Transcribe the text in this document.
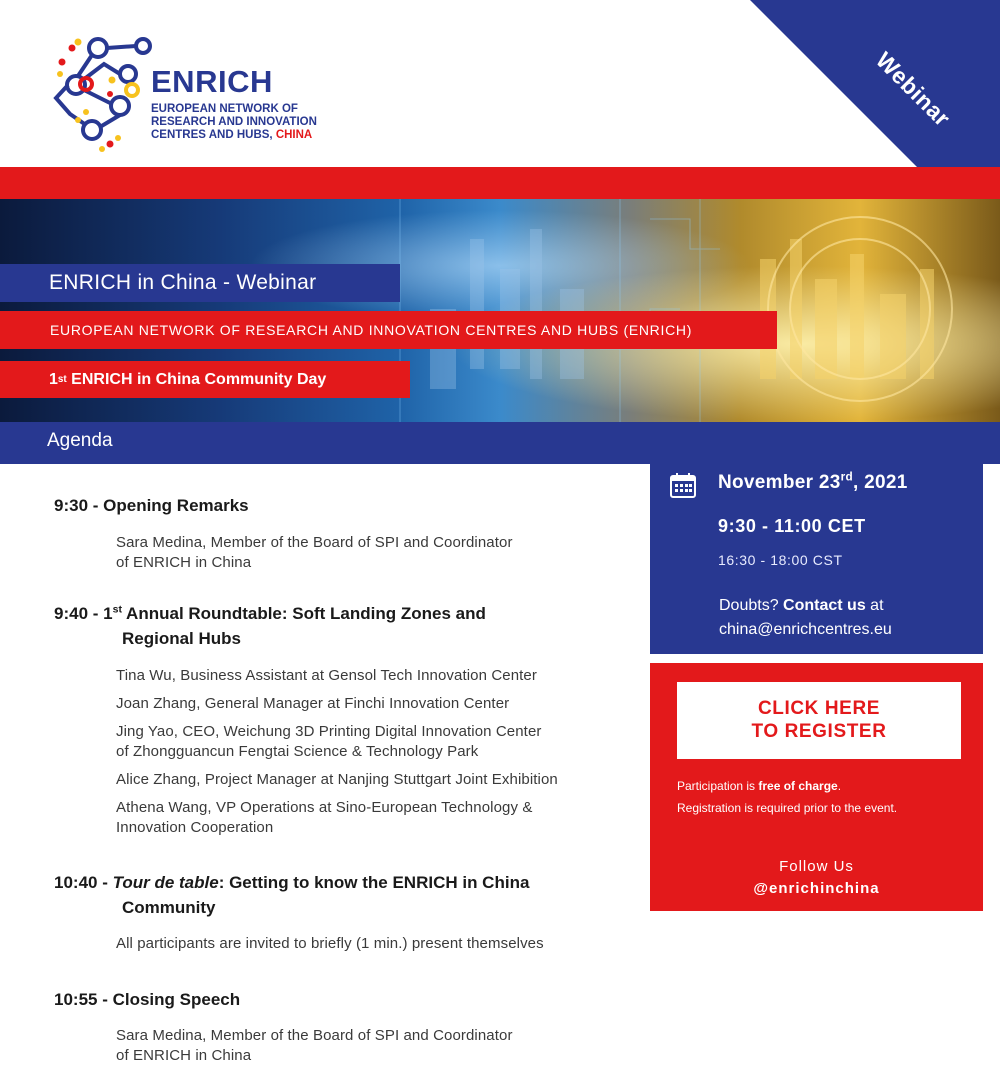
ENRICH
EUROPEAN NETWORK OF
RESEARCH AND INNOVATION
CENTRES AND HUBS, CHINA
Webinar
ENRICH in China - Webinar
EUROPEAN NETWORK OF RESEARCH AND INNOVATION CENTRES AND HUBS (ENRICH)
1 st ENRICH in China Community Day
Agenda
9:30 - Opening Remarks
Sara Medina, Member of the Board of SPI and Coordinator
of ENRICH in China
9:40 - 1st Annual Roundtable: Soft Landing Zones and
Regional Hubs
Tina Wu, Business Assistant at Gensol Tech Innovation Center
Joan Zhang, General Manager at Finchi Innovation Center
Jing Yao, CEO, Weichung 3D Printing Digital Innovation Center
of Zhongguancun Fengtai Science & Technology Park
Alice Zhang, Project Manager at Nanjing Stuttgart Joint Exhibition
Athena Wang, VP Operations at Sino-European Technology &
Innovation Cooperation
10:40 - Tour de table: Getting to know the ENRICH in China
Community
All participants are invited to briefly (1 min.) present themselves
10:55 - Closing Speech
Sara Medina, Member of the Board of SPI and Coordinator
of ENRICH in China
November 23rd, 2021
9:30 - 11:00 CET
16:30 - 18:00 CST
Doubts? Contact us at
china@enrichcentres.eu
CLICK HERE
TO REGISTER
Participation is free of charge.
Registration is required prior to the event.
Follow Us
@enrichinchina
